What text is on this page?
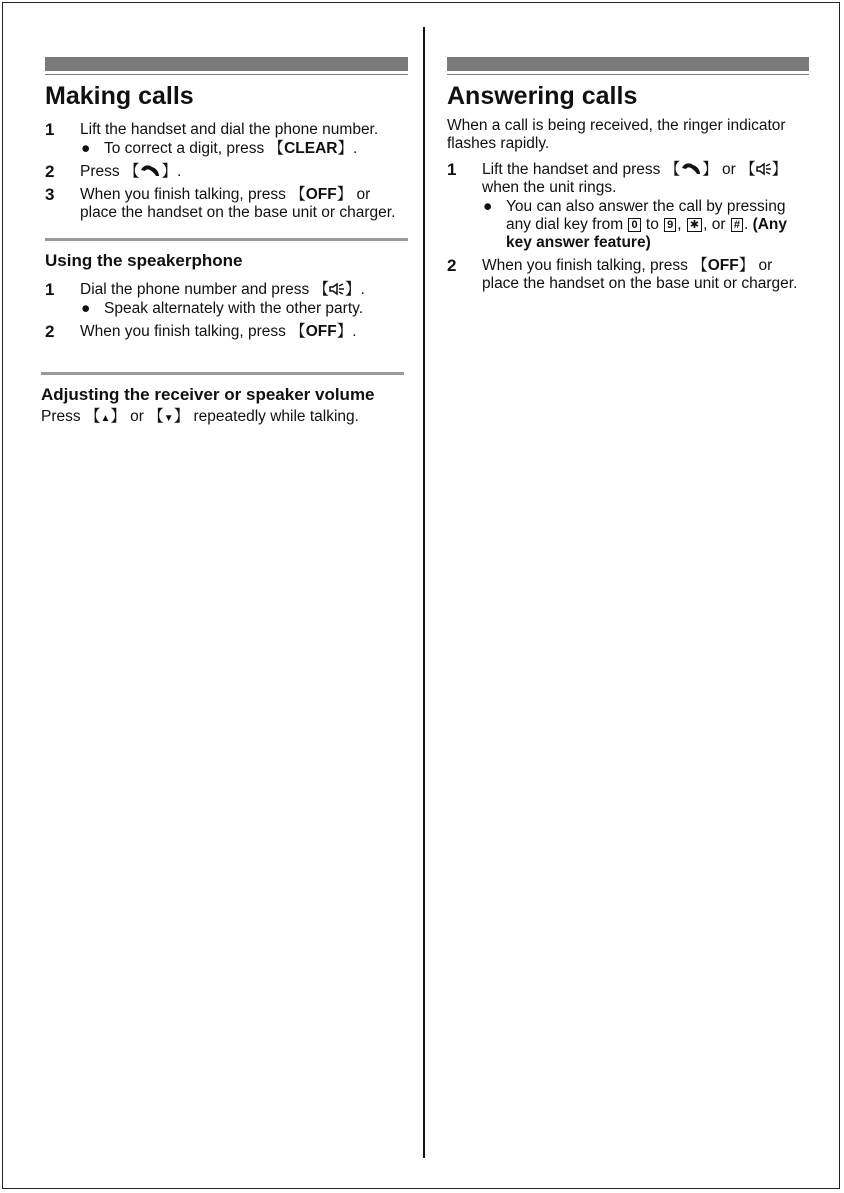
Making calls
1	Lift the handset and dial the phone number.
● To correct a digit, press 【CLEAR】.
2	Press 【 】.
3	When you finish talking, press 【OFF】 or place the handset on the base unit or charger.
Using the speakerphone
1	Dial the phone number and press 【 】.
● Speak alternately with the other party.
2	When you finish talking, press 【OFF】.
Adjusting the receiver or speaker volume
Press 【▲】 or 【▼】 repeatedly while talking.
Answering calls
When a call is being received, the ringer indicator flashes rapidly.
1	Lift the handset and press 【 】 or 【 】 when the unit rings.
● You can also answer the call by pressing any dial key from 0 to 9 , ✱ , or # . (Any key answer feature)
2	When you finish talking, press 【OFF】 or place the handset on the base unit or charger.
